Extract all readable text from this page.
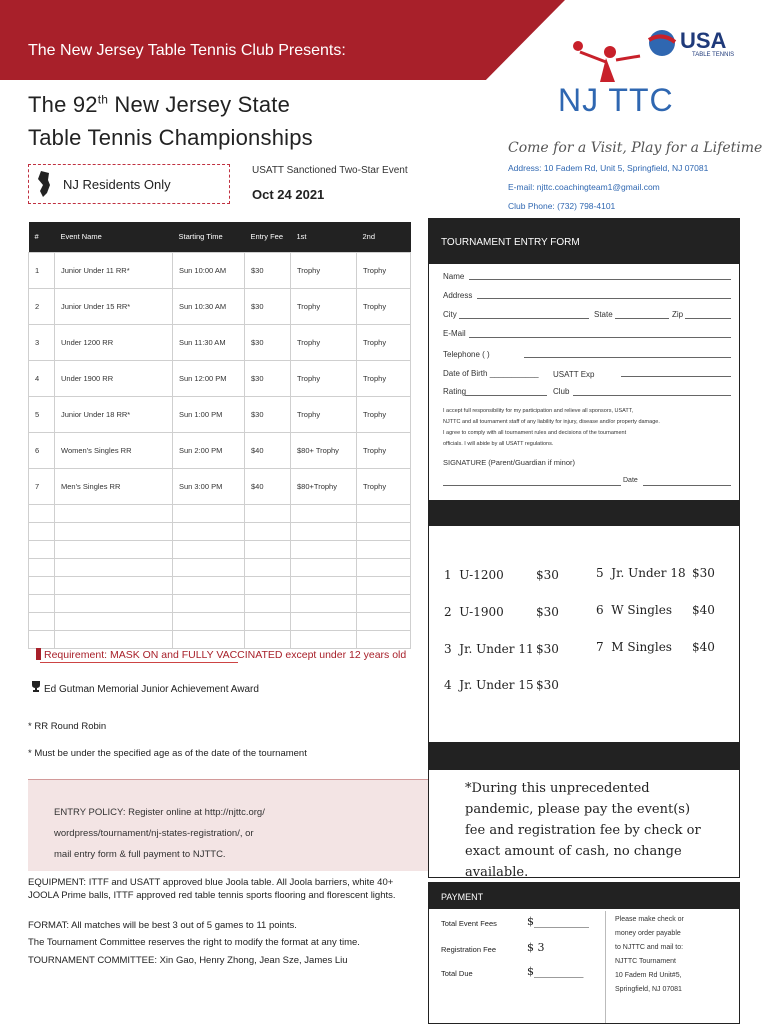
The New Jersey Table Tennis Club Presents:
The 92th New Jersey State
Table Tennis Championships
USA
TABLE TENNIS
NJ TTC
Come for a Visit, Play for a Lifetime
Address: 10 Fadem Rd, Unit 5, Springfield, NJ 07081
E-mail: njttc.coachingteam1@gmail.com
Club Phone: (732) 798-4101
NJ Residents Only
USATT Sanctioned Two-Star Event
Oct 24 2021
#	Event Name	Starting Time	Entry Fee	1st	2nd
1	Junior Under 11 RR*	Sun 10:00 AM	$30	Trophy	Trophy
2	Junior Under 15 RR*	Sun 10:30 AM	$30	Trophy	Trophy
3	Under 1200 RR	Sun 11:30 AM	$30	Trophy	Trophy
4	Under 1900 RR	Sun 12:00 PM	$30	Trophy	Trophy
5	Junior Under 18 RR*	Sun 1:00 PM	$30	Trophy	Trophy
6	Women's Singles RR	Sun 2:00 PM	$40	$80+ Trophy	Trophy
7	Men's Singles RR	Sun 3:00 PM	$40	$80+Trophy	Trophy

TOURNAMENT ENTRY FORM
Name
Address
City	State	Zip
E-Mail
Telephone ( )
Date of Birth ___________ USATT Exp
Rating	Club
I accept full responsibility for my participation and relieve all sponsors, USATT,
NJTTC and all tournament staff of any liability for injury, disease and/or property damage.
I agree to comply with all tournament rules and decisions of the tournament
officials. I will abide by all USATT regulations.
SIGNATURE (Parent/Guardian if minor)
Date
1 U-1200	$30	5 Jr. Under 18 $30
2 U-1900	$30	6 W Singles $40
3 Jr. Under 11 $30	7 M Singles $40
4 Jr. Under 15 $30
*During this unprecedented pandemic, please pay the event(s) fee and registration fee by check or exact amount of cash, no change available.
Requirement: MASK ON and FULLY VACCINATED except under 12 years old
Ed Gutman Memorial Junior Achievement Award
* RR Round Robin
* Must be under the specified age as of the date of the tournament
ENTRY POLICY: Register online at http://njttc.org/
wordpress/tournament/nj-states-registration/, or
mail entry form & full payment to NJTTC.
EQUIPMENT: ITTF and USATT approved blue Joola table. All Joola barriers, white 40+ JOOLA Prime balls, ITTF approved red table tennis sports flooring and florescent lights.
FORMAT: All matches will be best 3 out of 5 games to 11 points.
The Tournament Committee reserves the right to modify the format at any time.
TOURNAMENT COMMITTEE: Xin Gao, Henry Zhong, Jean Sze, James Liu
PAYMENT
Total Event Fees	$__________
Registration Fee	$ 3
Total Due	$_________
Please make check or
money order payable
to NJTTC and mail to:
NJTTC Tournament
10 Fadem Rd Unit#5,
Springfield, NJ 07081
